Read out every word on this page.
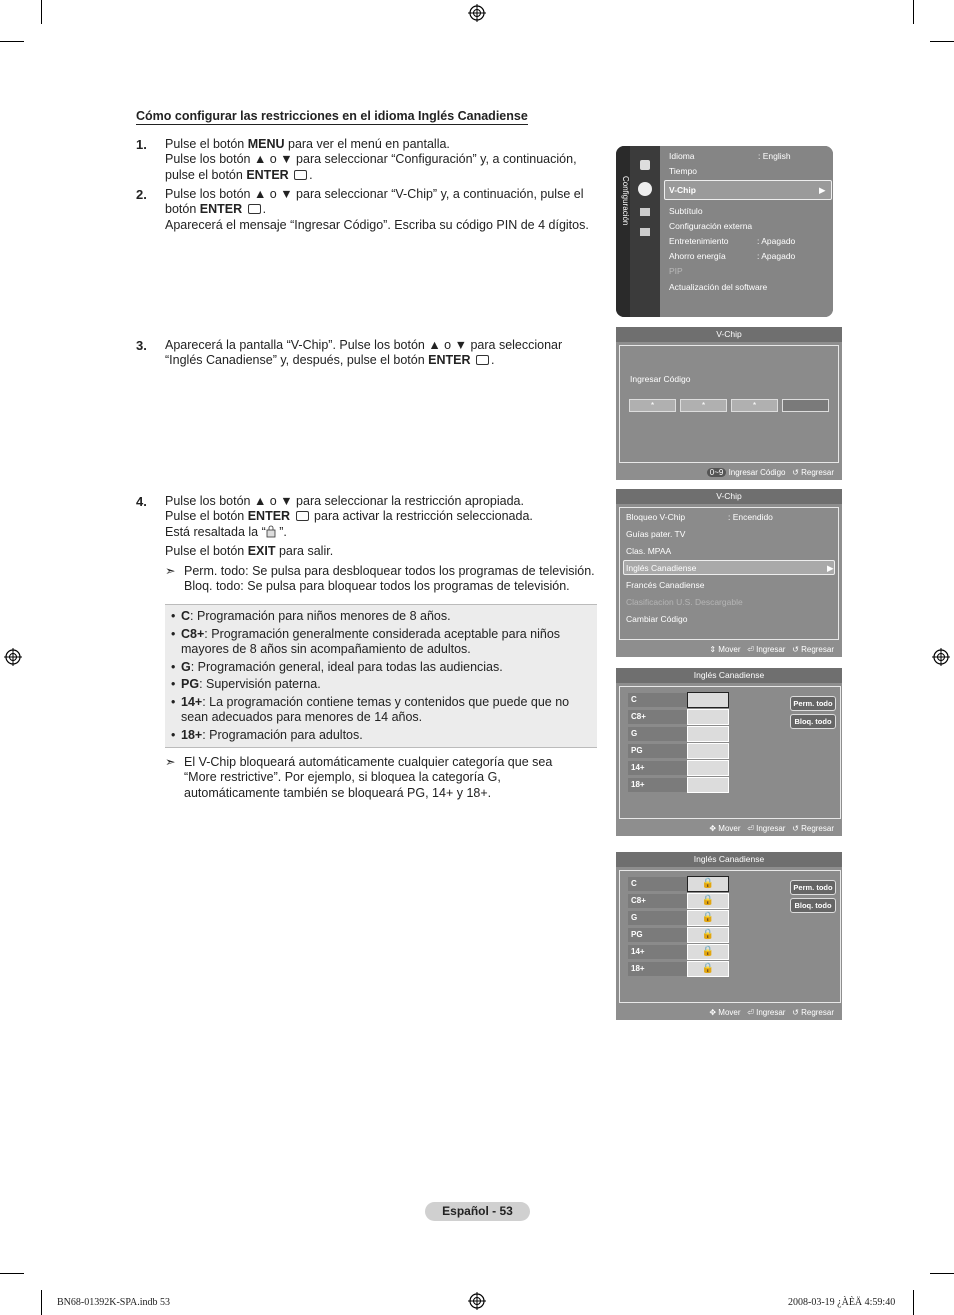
Cómo configurar las restricciones en el idioma Inglés Canadiense
1. Pulse el botón MENU para ver el menú en pantalla.
Pulse los botón ▲ o ▼ para seleccionar “Configuración” y, a continuación,
pulse el botón ENTER .
2. Pulse los botón ▲ o ▼ para seleccionar “V-Chip” y, a continuación, pulse el
botón ENTER .
Aparecerá el mensaje “Ingresar Código”. Escriba su código PIN de 4 dígitos.
3. Aparecerá la pantalla “V-Chip”. Pulse los botón ▲ o ▼ para seleccionar
“Inglés Canadiense” y, después, pulse el botón ENTER .
4. Pulse los botón ▲ o ▼ para seleccionar la restricción apropiada.
Pulse el botón ENTER  para activar la restricción seleccionada.
Está resaltada la “ ”.
Pulse el botón EXIT para salir.
➣ Perm. todo: Se pulsa para desbloquear todos los programas de televisión.
Bloq. todo: Se pulsa para bloquear todos los programas de televisión.
• C: Programación para niños menores de 8 años.
• C8+: Programación generalmente considerada aceptable para niños
mayores de 8 años sin acompañamiento de adultos.
• G: Programación general, ideal para todas las audiencias.
• PG: Supervisión paterna.
• 14+: La programación contiene temas y contenidos que puede que no
sean adecuados para menores de 14 años.
• 18+: Programación para adultos.
➣ El V-Chip bloqueará automáticamente cualquier categoría que sea
“More restrictive”. Por ejemplo, si bloquea la categoría G,
automáticamente también se bloqueará PG, 14+ y 18+.
Configuración
Idioma	: English
Tiempo
V-Chip	▶
Subtítulo
Configuración externa
Entretenimiento	: Apagado
Ahorro energía	: Apagado
PIP
Actualización del software
V-Chip
Ingresar Código
*	*	*
0~9 Ingresar Código ↺ Regresar
V-Chip
Bloqueo V-Chip	: Encendido
Guías pater. TV
Clas. MPAA
Inglés Canadiense	▶
Francés Canadiense
Clasificacion U.S. Descargable
Cambiar Código
⇕ Mover ⏎ Ingresar ↺ Regresar
Inglés Canadiense
C
C8+
G
PG
14+
18+
Perm. todo
Bloq. todo
✥ Mover ⏎ Ingresar ↺ Regresar
Inglés Canadiense
C	🔒
C8+	🔒
G	🔒
PG	🔒
14+	🔒
18+	🔒
Perm. todo
Bloq. todo
✥ Mover ⏎ Ingresar ↺ Regresar
Español - 53
BN68-01392K-SPA.indb 53	2008-03-19 ¿ÀÈÄ 4:59:40
